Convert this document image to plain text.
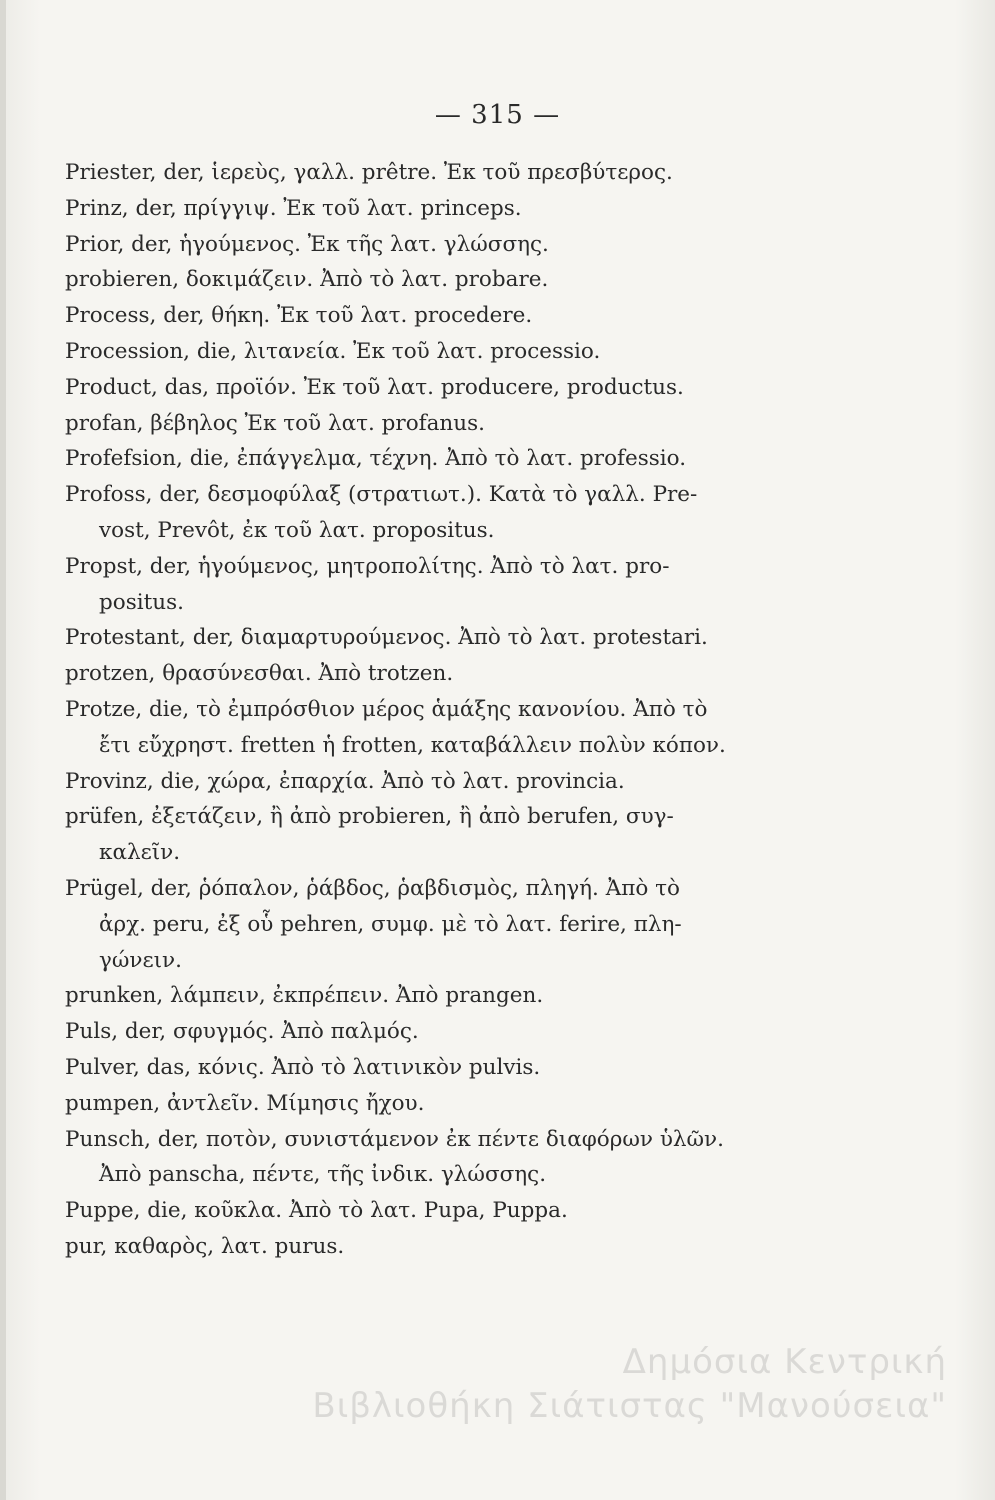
— 315 —
Priester, der, ἱερεὺς, γαλλ. prêtre. Ἐκ τοῦ πρεσβύτερος.
Prinz, der, πρίγγιψ. Ἐκ τοῦ λατ. princeps.
Prior, der, ἡγούμενος. Ἐκ τῆς λατ. γλώσσης.
probieren, δοκιμάζειν. Ἀπὸ τὸ λατ. probare.
Process, der, θήκη. Ἐκ τοῦ λατ. procedere.
Procession, die, λιτανεία. Ἐκ τοῦ λατ. processio.
Product, das, προϊόν. Ἐκ τοῦ λατ. producere, productus.
profan, βέβηλος Ἐκ τοῦ λατ. profanus.
Profefsion, die, ἐπάγγελμα, τέχνη. Ἀπὸ τὸ λατ. professio.
Profoss, der, δεσμοφύλαξ (στρατιωτ.). Κατὰ τὸ γαλλ. Pre-
vost, Prevôt, ἐκ τοῦ λατ. propositus.
Propst, der, ἡγούμενος, μητροπολίτης. Ἀπὸ τὸ λατ. pro-
positus.
Protestant, der, διαμαρτυρούμενος. Ἀπὸ τὸ λατ. protestari.
protzen, θρασύνεσθαι. Ἀπὸ trotzen.
Protze, die, τὸ ἐμπρόσθιον μέρος ἁμάξης κανονίου. Ἀπὸ τὸ
ἔτι εὔχρηστ. fretten ἡ frotten, καταβάλλειν πολὺν κόπον.
Provinz, die, χώρα, ἐπαρχία. Ἀπὸ τὸ λατ. provincia.
prüfen, ἐξετάζειν, ἢ ἀπὸ probieren, ἢ ἀπὸ berufen, συγ-
καλεῖν.
Prügel, der, ῥόπαλον, ῥάβδος, ῥαβδισμὸς, πληγή. Ἀπὸ τὸ
ἀρχ. peru, ἐξ οὗ pehren, συμφ. μὲ τὸ λατ. ferire, πλη-
γώνειν.
prunken, λάμπειν, ἐκπρέπειν. Ἀπὸ prangen.
Puls, der, σφυγμός. Ἀπὸ παλμός.
Pulver, das, κόνις. Ἀπὸ τὸ λατινικὸν pulvis.
pumpen, ἀντλεῖν. Μίμησις ἤχου.
Punsch, der, ποτὸν, συνιστάμενον ἐκ πέντε διαφόρων ὑλῶν.
Ἀπὸ panscha, πέντε, τῆς ἰνδικ. γλώσσης.
Puppe, die, κοῦκλα. Ἀπὸ τὸ λατ. Pupa, Puppa.
pur, καθαρὸς, λατ. purus.
Δημόσια Κεντρική
Βιβλιοθήκη Σιάτιστας "Μανούσεια"
